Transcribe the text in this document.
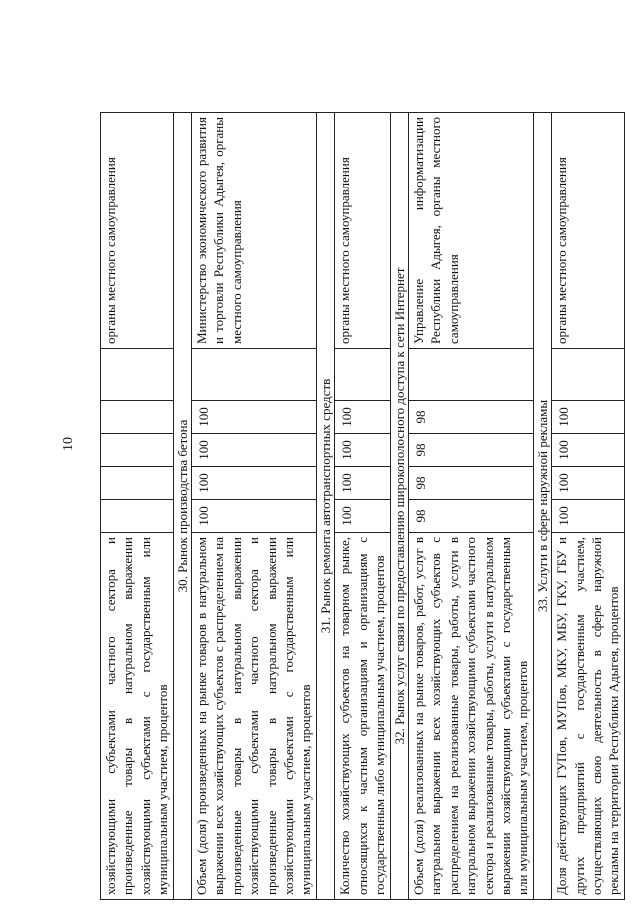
10
хозяйствующими субъектами частного сектора и произведенные товары в натуральном выражении хозяйствующими субъектами с государственным или муниципальным участием, процентов						органы местного самоуправления
30. Рынок производства бетона						
Объем (доля) произведенных на рынке товаров в натуральном выражении всех хозяйствующих субъектов с распределением на произведенные товары в натуральном выражении хозяйствующими субъектами частного сектора и произведенные товары в натуральном выражении хозяйствующими субъектами с государственным или муниципальным участием, процентов	100	100	100	100		Министерство экономического развития и торговли Республики Адыгея, органы местного самоуправления
31. Рынок ремонта автотранспортных средств						
Количество хозяйствующих субъектов на товарном рынке, относящихся к частным организациям и организациям с государственным либо муниципальным участием, процентов	100	100	100	100		органы местного самоуправления
32. Рынок услуг связи по предоставлению широкополосного доступа к сети Интернет						
Объем (доля) реализованных на рынке товаров, работ, услуг в натуральном выражении всех хозяйствующих субъектов с распределением на реализованные товары, работы, услуги в натуральном выражении хозяйствующими субъектами частного сектора и реализованные товары, работы, услуги в натуральном выражении хозяйствующими субъектами с государственным или муниципальным участием, процентов	98	98	98	98		Управление информатизации Республики Адыгея, органы местного самоуправления
33. Услуги в сфере наружной рекламы						
Доля действующих ГУПов, МУПов, МКУ, МБУ, ГКУ, ГБУ и других предприятий с государственным участием, осуществляющих свою деятельность в сфере наружной рекламы на территории Республики Адыгея, процентов	100	100	100	100		органы местного самоуправления
